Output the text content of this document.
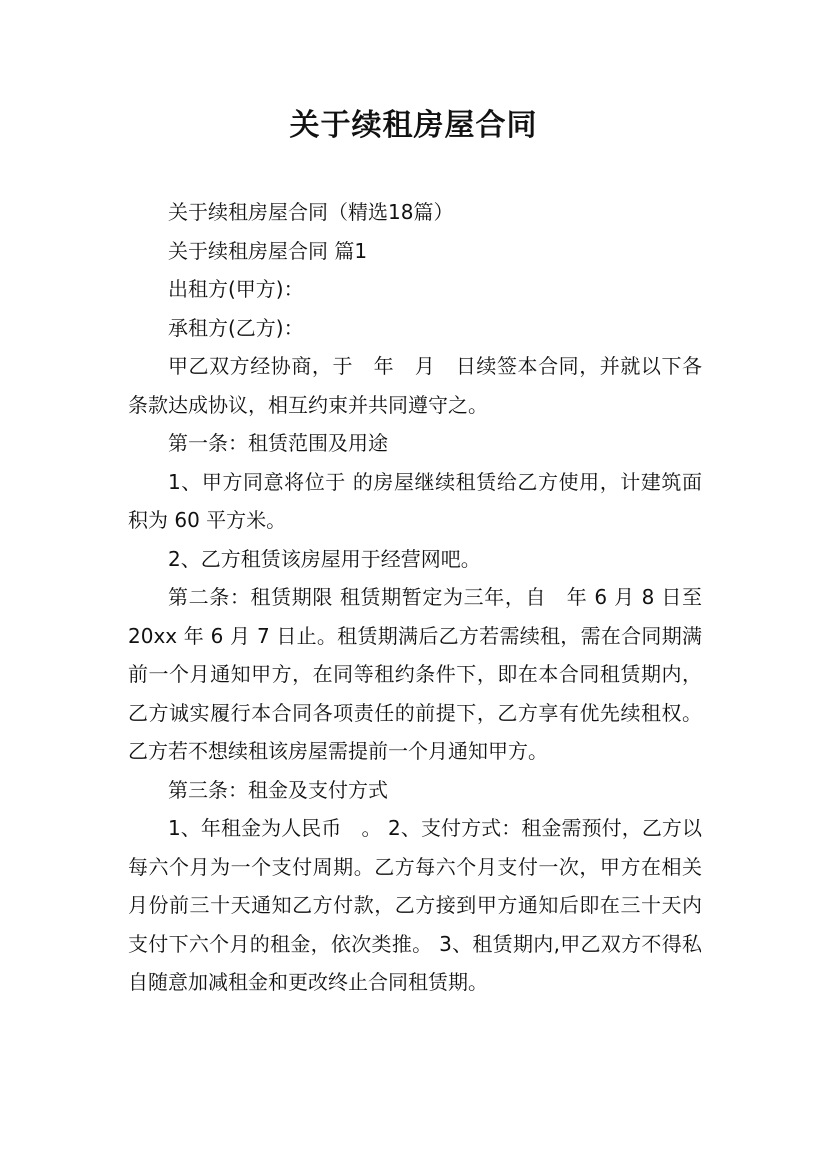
关于续租房屋合同

关于续租房屋合同（精选18篇）

关于续租房屋合同 篇1

出租方(甲方)：

承租方(乙方)：

甲乙双方经协商，于　年　月　日续签本合同，并就以下各条款达成协议，相互约束并共同遵守之。

第一条：租赁范围及用途

1、甲方同意将位于 的房屋继续租赁给乙方使用，计建筑面积为 60 平方米。

2、乙方租赁该房屋用于经营网吧。

第二条：租赁期限 租赁期暂定为三年，自　年 6 月 8 日至 20xx 年 6 月 7 日止。租赁期满后乙方若需续租，需在合同期满前一个月通知甲方，在同等租约条件下，即在本合同租赁期内，乙方诚实履行本合同各项责任的前提下，乙方享有优先续租权。乙方若不想续租该房屋需提前一个月通知甲方。

第三条：租金及支付方式

1、年租金为人民币　。 2、支付方式：租金需预付，乙方以每六个月为一个支付周期。乙方每六个月支付一次，甲方在相关月份前三十天通知乙方付款，乙方接到甲方通知后即在三十天内支付下六个月的租金，依次类推。 3、租赁期内,甲乙双方不得私自随意加减租金和更改终止合同租赁期。
